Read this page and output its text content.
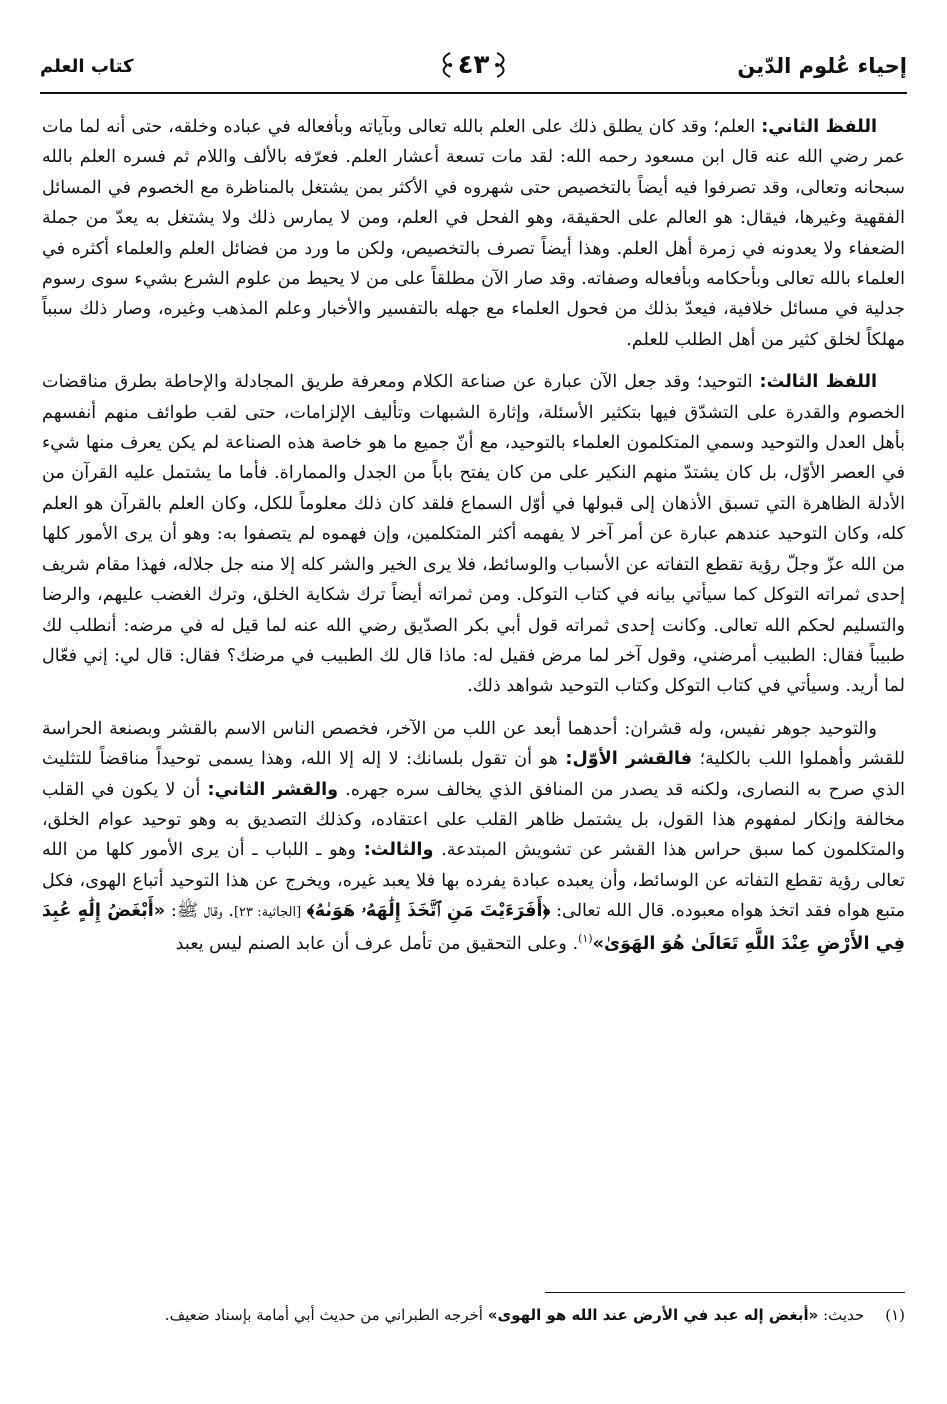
إحياء عُلوم الدّين
٤٣
كتاب العلم

اللفظ الثاني: العلم؛ وقد كان يطلق ذلك على العلم بالله تعالى وبآياته وبأفعاله في عباده وخلقه، حتى أنه لما مات عمر رضي الله عنه قال ابن مسعود رحمه الله: لقد مات تسعة أعشار العلم. فعرّفه بالألف واللام ثم فسره العلم بالله سبحانه وتعالى، وقد تصرفوا فيه أيضاً بالتخصيص حتى شهروه في الأكثر بمن يشتغل بالمناظرة مع الخصوم في المسائل الفقهية وغيرها، فيقال: هو العالم على الحقيقة، وهو الفحل في العلم، ومن لا يمارس ذلك ولا يشتغل به يعدّ من جملة الضعفاء ولا يعدونه في زمرة أهل العلم. وهذا أيضاً تصرف بالتخصيص، ولكن ما ورد من فضائل العلم والعلماء أكثره في العلماء بالله تعالى وبأحكامه وبأفعاله وصفاته. وقد صار الآن مطلقاً على من لا يحيط من علوم الشرع بشيء سوى رسوم جدلية في مسائل خلافية، فيعدّ بذلك من فحول العلماء مع جهله بالتفسير والأخبار وعلم المذهب وغيره، وصار ذلك سبباً مهلكاً لخلق كثير من أهل الطلب للعلم.

اللفظ الثالث: التوحيد؛ وقد جعل الآن عبارة عن صناعة الكلام ومعرفة طريق المجادلة والإحاطة بطرق مناقضات الخصوم والقدرة على التشدّق فيها بتكثير الأسئلة، وإثارة الشبهات وتأليف الإلزامات، حتى لقب طوائف منهم أنفسهم بأهل العدل والتوحيد وسمي المتكلمون العلماء بالتوحيد، مع أنّ جميع ما هو خاصة هذه الصناعة لم يكن يعرف منها شيء في العصر الأوّل، بل كان يشتدّ منهم النكير على من كان يفتح باباً من الجدل والمماراة. فأما ما يشتمل عليه القرآن من الأدلة الظاهرة التي تسبق الأذهان إلى قبولها في أوّل السماع فلقد كان ذلك معلوماً للكل، وكان العلم بالقرآن هو العلم كله، وكان التوحيد عندهم عبارة عن أمر آخر لا يفهمه أكثر المتكلمين، وإن فهموه لم يتصفوا به: وهو أن يرى الأمور كلها من الله عزّ وجلّ رؤية تقطع التفاته عن الأسباب والوسائط، فلا يرى الخير والشر كله إلا منه جل جلاله، فهذا مقام شريف إحدى ثمراته التوكل كما سيأتي بيانه في كتاب التوكل. ومن ثمراته أيضاً ترك شكاية الخلق، وترك الغضب عليهم، والرضا والتسليم لحكم الله تعالى. وكانت إحدى ثمراته قول أبي بكر الصدّيق رضي الله عنه لما قيل له في مرضه: أنطلب لك طبيباً فقال: الطبيب أمرضني، وقول آخر لما مرض فقيل له: ماذا قال لك الطبيب في مرضك؟ فقال: قال لي: إني فعّال لما أريد. وسيأتي في كتاب التوكل وكتاب التوحيد شواهد ذلك.

والتوحيد جوهر نفيس، وله قشران: أحدهما أبعد عن اللب من الآخر، فخصص الناس الاسم بالقشر وبصنعة الحراسة للقشر وأهملوا اللب بالكلية؛ فالقشر الأوّل: هو أن تقول بلسانك: لا إله إلا الله، وهذا يسمى توحيداً مناقضاً للتثليث الذي صرح به النصارى، ولكنه قد يصدر من المنافق الذي يخالف سره جهره. والقشر الثاني: أن لا يكون في القلب مخالفة وإنكار لمفهوم هذا القول، بل يشتمل ظاهر القلب على اعتقاده، وكذلك التصديق به وهو توحيد عوام الخلق، والمتكلمون كما سبق حراس هذا القشر عن تشويش المبتدعة. والثالث: وهو ـ اللباب ـ أن يرى الأمور كلها من الله تعالى رؤية تقطع التفاته عن الوسائط، وأن يعبده عبادة يفرده بها فلا يعبد غيره، ويخرج عن هذا التوحيد أتباع الهوى، فكل متبع هواه فقد اتخذ هواه معبوده. قال الله تعالى: ﴿أَفَرَءَيْتَ مَنِ ٱتَّخَذَ إِلَٰهَهُۥ هَوَىٰهُ﴾ [الجاثية: ٢٣]. وقال ﷺ: «أَبْغَضُ إِلَٰهٍ عُبِدَ فِي الأَرْضِ عِنْدَ اللَّهِ تَعَالَىٰ هُوَ الهَوَىٰ»$^{(١)}$. وعلى التحقيق من تأمل عرف أن عابد الصنم ليس يعبد

(١) حديث: «أبغض إله عبد في الأرض عند الله هو الهوى» أخرجه الطبراني من حديث أبي أمامة بإسناد ضعيف.
